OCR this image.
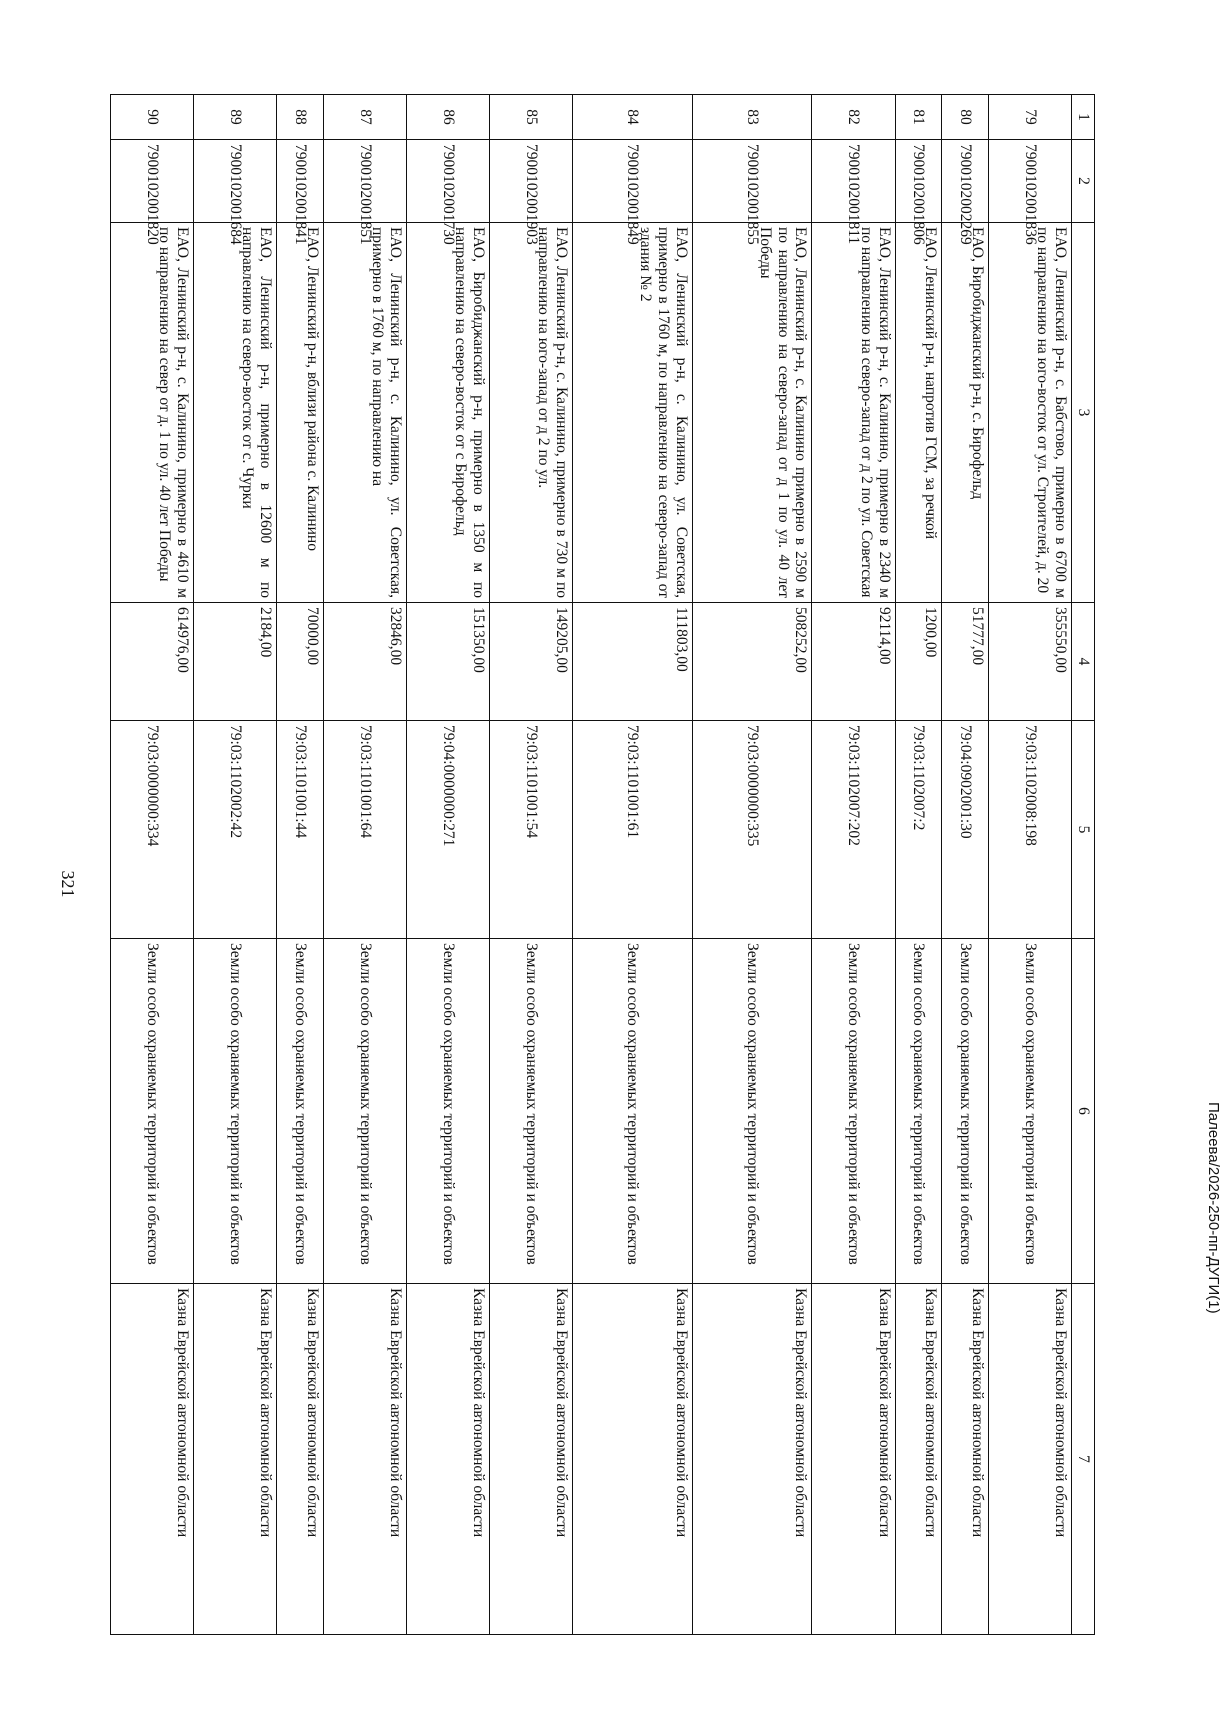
321
1	2	3	4	5	6	7
79	7900102001836	ЕАО, Ленинский р-н, с. Бабстово, примерно в 6700 м по направлению на юго-восток от ул. Строителей, д. 20	355550,00	79:03:1102008:198	Земли особо охраняемых территорий и объектов	Казна Еврейской автономной области
80	7900102002269	ЕАО, Биробиджанский р-н, с. Бирофельд	51777,00	79:04:0902001:30	Земли особо охраняемых территорий и объектов	Казна Еврейской автономной области
81	7900102001806	ЕАО, Ленинский р-н, напротив ГСМ, за речкой	1200,00	79:03:1102007:2	Земли особо охраняемых территорий и объектов	Казна Еврейской автономной области
82	7900102001811	ЕАО, Ленинский р-н, с. Калинино, примерно в 2340 м по направлению на северо-запад от д 2 по ул. Советская	92114,00	79:03:1102007:202	Земли особо охраняемых территорий и объектов	Казна Еврейской автономной области
83	7900102001855	ЕАО, Ленинский р-н, с. Калинино примерно в 2590 м по направлению на северо-запад от д 1 по ул. 40 лет Победы	508252,00	79:03:0000000:335	Земли особо охраняемых территорий и объектов	Казна Еврейской автономной области
84	7900102001849	ЕАО, Ленинский р-н, с. Калинино, ул. Советская, примерно в 1760 м, по направлению на северо-запад от здания № 2	111803,00	79:03:1101001:61	Земли особо охраняемых территорий и объектов	Казна Еврейской автономной области
85	7900102001903	ЕАО, Ленинский р-н, с. Калинино, примерно в 730 м по направлению на юго-запад от д 2 по ул.	149205,00	79:03:1101001:54	Земли особо охраняемых территорий и объектов	Казна Еврейской автономной области
86	7900102001730	ЕАО, Биробиджанский р-н, примерно в 1350 м по направлению на северо-восток от с Бирофельд	151350,00	79:04:0000000:271	Земли особо охраняемых территорий и объектов	Казна Еврейской автономной области
87	7900102001851	ЕАО, Ленинский р-н, с. Калинино, ул. Советская, примерно в 1760 м, по направлению на	32846,00	79:03:1101001:64	Земли особо охраняемых территорий и объектов	Казна Еврейской автономной области
88	7900102001841	ЕАО, Ленинский р-н, вблизи района с. Калинино	70000,00	79:03:1101001:44	Земли особо охраняемых территорий и объектов	Казна Еврейской автономной области
89	7900102001684	ЕАО, Ленинский р-н, примерно в 12600 м по направлению на северо-восток от с. Чурки	2184,00	79:03:1102002:42	Земли особо охраняемых территорий и объектов	Казна Еврейской автономной области
90	7900102001820	ЕАО, Ленинский р-н, с. Калинино, примерно в 4610 м по направлению на север от д. 1 по ул. 40 лет Победы	614976,00	79:03:0000000:334	Земли особо охраняемых территорий и объектов	Казна Еврейской автономной области
Палеева/2026-250-пп-ДУГИ(1)
